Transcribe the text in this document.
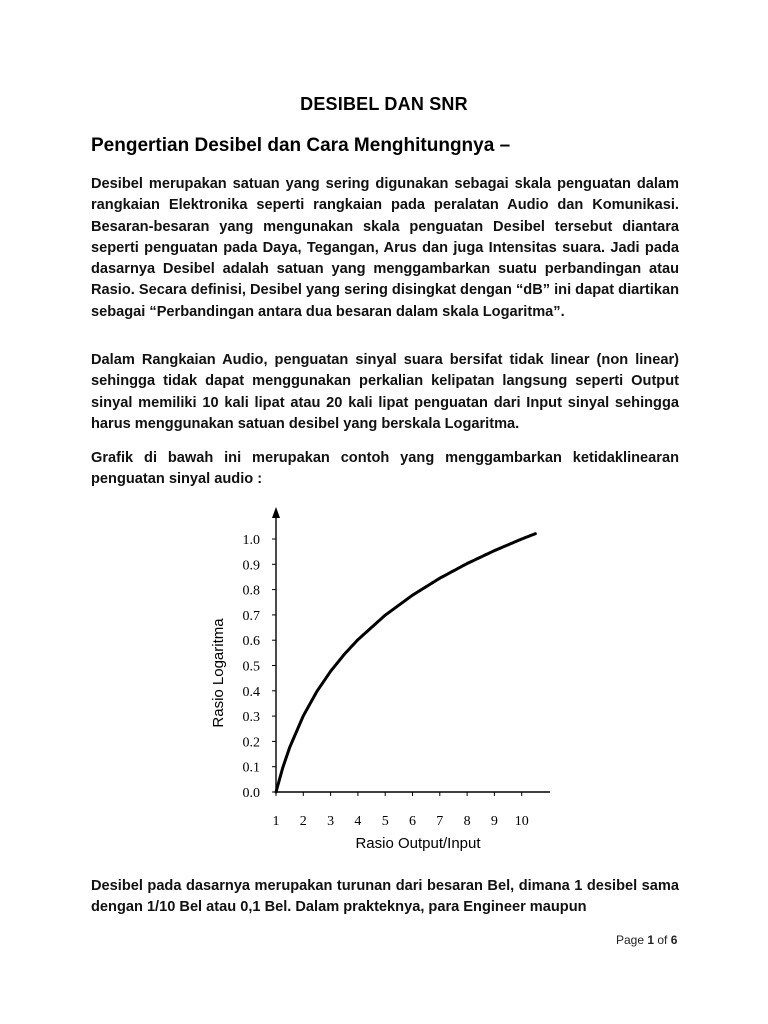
DESIBEL DAN SNR
Pengertian Desibel dan Cara Menghitungnya –
Desibel merupakan satuan yang sering digunakan sebagai skala penguatan dalam rangkaian Elektronika seperti rangkaian pada peralatan Audio dan Komunikasi. Besaran-besaran yang mengunakan skala penguatan Desibel tersebut diantara seperti penguatan pada Daya, Tegangan, Arus dan juga Intensitas suara. Jadi pada dasarnya Desibel adalah satuan yang menggambarkan suatu perbandingan atau Rasio. Secara definisi, Desibel yang sering disingkat dengan “dB” ini dapat diartikan sebagai “Perbandingan antara dua besaran dalam skala Logaritma”.
Dalam Rangkaian Audio, penguatan sinyal suara bersifat tidak linear (non linear) sehingga tidak dapat menggunakan perkalian kelipatan langsung seperti Output sinyal memiliki 10 kali lipat atau 20 kali lipat penguatan dari Input sinyal sehingga harus menggunakan satuan desibel yang berskala Logaritma.
Grafik di bawah ini merupakan contoh yang menggambarkan ketidaklinearan penguatan sinyal audio :
0.0
0.1
0.2
0.3
0.4
0.5
0.6
0.7
0.8
0.9
1.0
1 2 3 4 5 6 7 8 9 10
Rasio Logaritma
Rasio Output/Input
Desibel pada dasarnya merupakan turunan dari besaran Bel, dimana 1 desibel sama dengan 1/10 Bel atau 0,1 Bel. Dalam prakteknya, para Engineer maupun
Page 1 of 6
